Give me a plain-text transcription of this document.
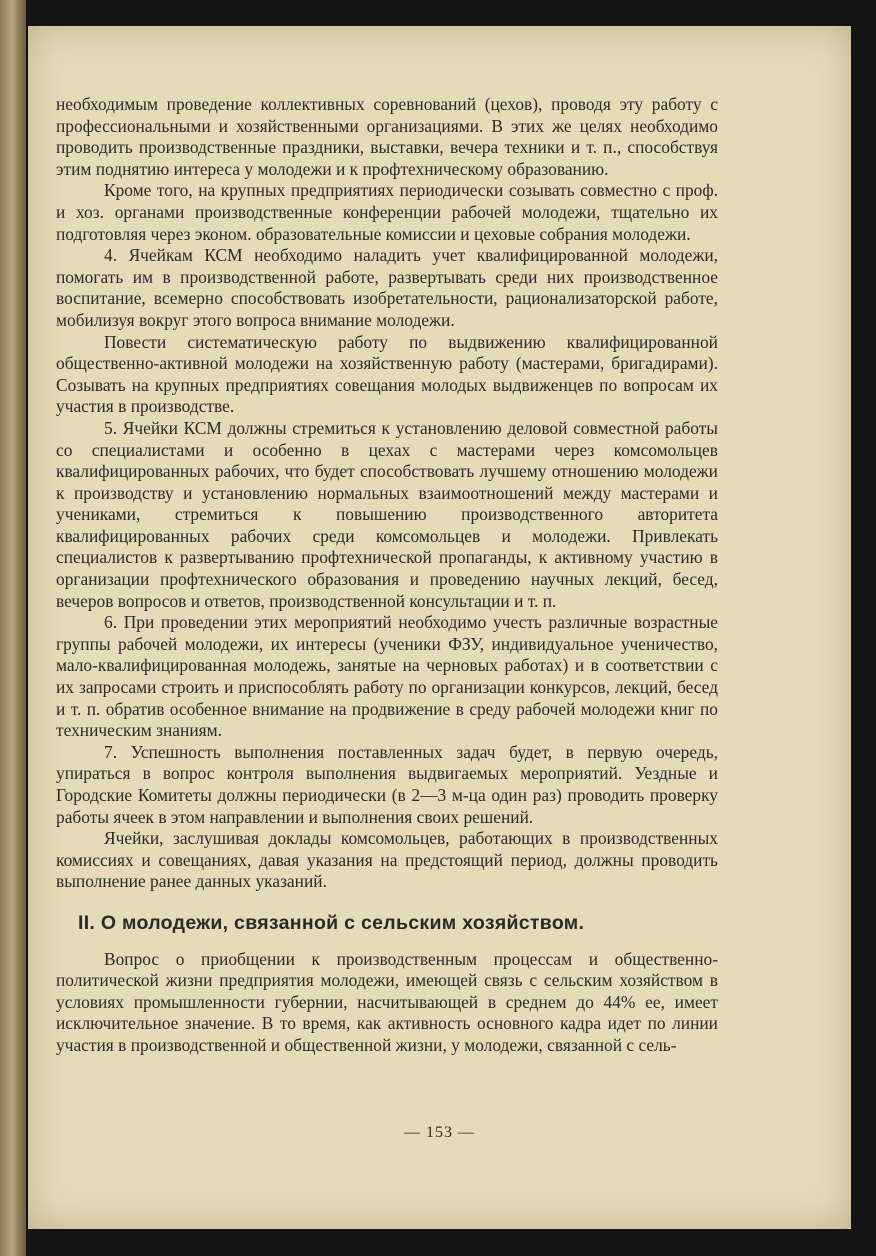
необходимым проведение коллективных соревнований (цехов), проводя эту работу с профессиональными и хозяйственными организациями. В этих же целях необходимо проводить производственные праздники, выставки, вечера техники и т. п., способствуя этим поднятию интереса у молодежи и к профтехническому образованию.

Кроме того, на крупных предприятиях периодически созывать совместно с проф. и хоз. органами производственные конференции рабочей молодежи, тщательно их подготовляя через эконом. образовательные комиссии и цеховые собрания молодежи.

4. Ячейкам КСМ необходимо наладить учет квалифицированной молодежи, помогать им в производственной работе, развертывать среди них производственное воспитание, всемерно способствовать изобретательности, рационализаторской работе, мобилизуя вокруг этого вопроса внимание молодежи.

Повести систематическую работу по выдвижению квалифицированной общественно-активной молодежи на хозяйственную работу (мастерами, бригадирами). Созывать на крупных предприятиях совещания молодых выдвиженцев по вопросам их участия в производстве.

5. Ячейки КСМ должны стремиться к установлению деловой совместной работы со специалистами и особенно в цехах с мастерами через комсомольцев квалифицированных рабочих, что будет способствовать лучшему отношению молодежи к производству и установлению нормальных взаимоотношений между мастерами и учениками, стремиться к повышению производственного авторитета квалифицированных рабочих среди комсомольцев и молодежи. Привлекать специалистов к развертыванию профтехнической пропаганды, к активному участию в организации профтехнического образования и проведению научных лекций, бесед, вечеров вопросов и ответов, производственной консультации и т. п.

6. При проведении этих мероприятий необходимо учесть различные возрастные группы рабочей молодежи, их интересы (ученики ФЗУ, индивидуальное ученичество, мало-квалифицированная молодежь, занятые на черновых работах) и в соответствии с их запросами строить и приспособлять работу по организации конкурсов, лекций, бесед и т. п. обратив особенное внимание на продвижение в среду рабочей молодежи книг по техническим знаниям.

7. Успешность выполнения поставленных задач будет, в первую очередь, упираться в вопрос контроля выполнения выдвигаемых мероприятий. Уездные и Городские Комитеты должны периодически (в 2—3 м-ца один раз) проводить проверку работы ячеек в этом направлении и выполнения своих решений.

Ячейки, заслушивая доклады комсомольцев, работающих в производственных комиссиях и совещаниях, давая указания на предстоящий период, должны проводить выполнение ранее данных указаний.

II. О молодежи, связанной с сельским хозяйством.

Вопрос о приобщении к производственным процессам и общественно-политической жизни предприятия молодежи, имеющей связь с сельским хозяйством в условиях промышленности губернии, насчитывающей в среднем до 44% ее, имеет исключительное значение. В то время, как активность основного кадра идет по линии участия в производственной и общественной жизни, у молодежи, связанной с сель-

— 153 —
